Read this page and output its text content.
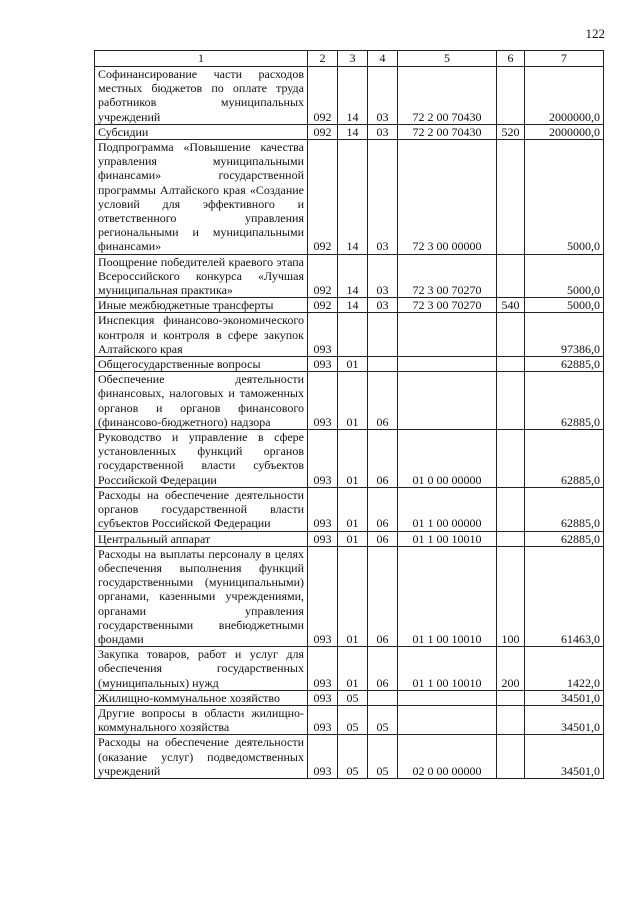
122
1	2	3	4	5	6	7
Софинансирование части расходов местных бюджетов по оплате труда работников муниципальных учреждений	092	14	03	72 2 00 70430		2000000,0
Субсидии	092	14	03	72 2 00 70430	520	2000000,0
Подпрограмма «Повышение качества управления муниципальными финансами» государственной программы Алтайского края «Создание условий для эффективного и ответственного управления региональными и муниципальными финансами»	092	14	03	72 3 00 00000		5000,0
Поощрение победителей краевого этапа Всероссийского конкурса «Лучшая муниципальная практика»	092	14	03	72 3 00 70270		5000,0
Иные межбюджетные трансферты	092	14	03	72 3 00 70270	540	5000,0
Инспекция финансово-экономического контроля и контроля в сфере закупок Алтайского края	093					97386,0
Общегосударственные вопросы	093	01				62885,0
Обеспечение деятельности финансовых, налоговых и таможенных органов и органов финансового (финансово-бюджетного) надзора	093	01	06			62885,0
Руководство и управление в сфере установленных функций органов государственной власти субъектов Российской Федерации	093	01	06	01 0 00 00000		62885,0
Расходы на обеспечение деятельности органов государственной власти субъектов Российской Федерации	093	01	06	01 1 00 00000		62885,0
Центральный аппарат	093	01	06	01 1 00 10010		62885,0
Расходы на выплаты персоналу в целях обеспечения выполнения функций государственными (муниципальными) органами, казенными учреждениями, органами управления государственными внебюджетными фондами	093	01	06	01 1 00 10010	100	61463,0
Закупка товаров, работ и услуг для обеспечения государственных (муниципальных) нужд	093	01	06	01 1 00 10010	200	1422,0
Жилищно-коммунальное хозяйство	093	05				34501,0
Другие вопросы в области жилищно-коммунального хозяйства	093	05	05			34501,0
Расходы на обеспечение деятельности (оказание услуг) подведомственных учреждений	093	05	05	02 0 00 00000		34501,0
